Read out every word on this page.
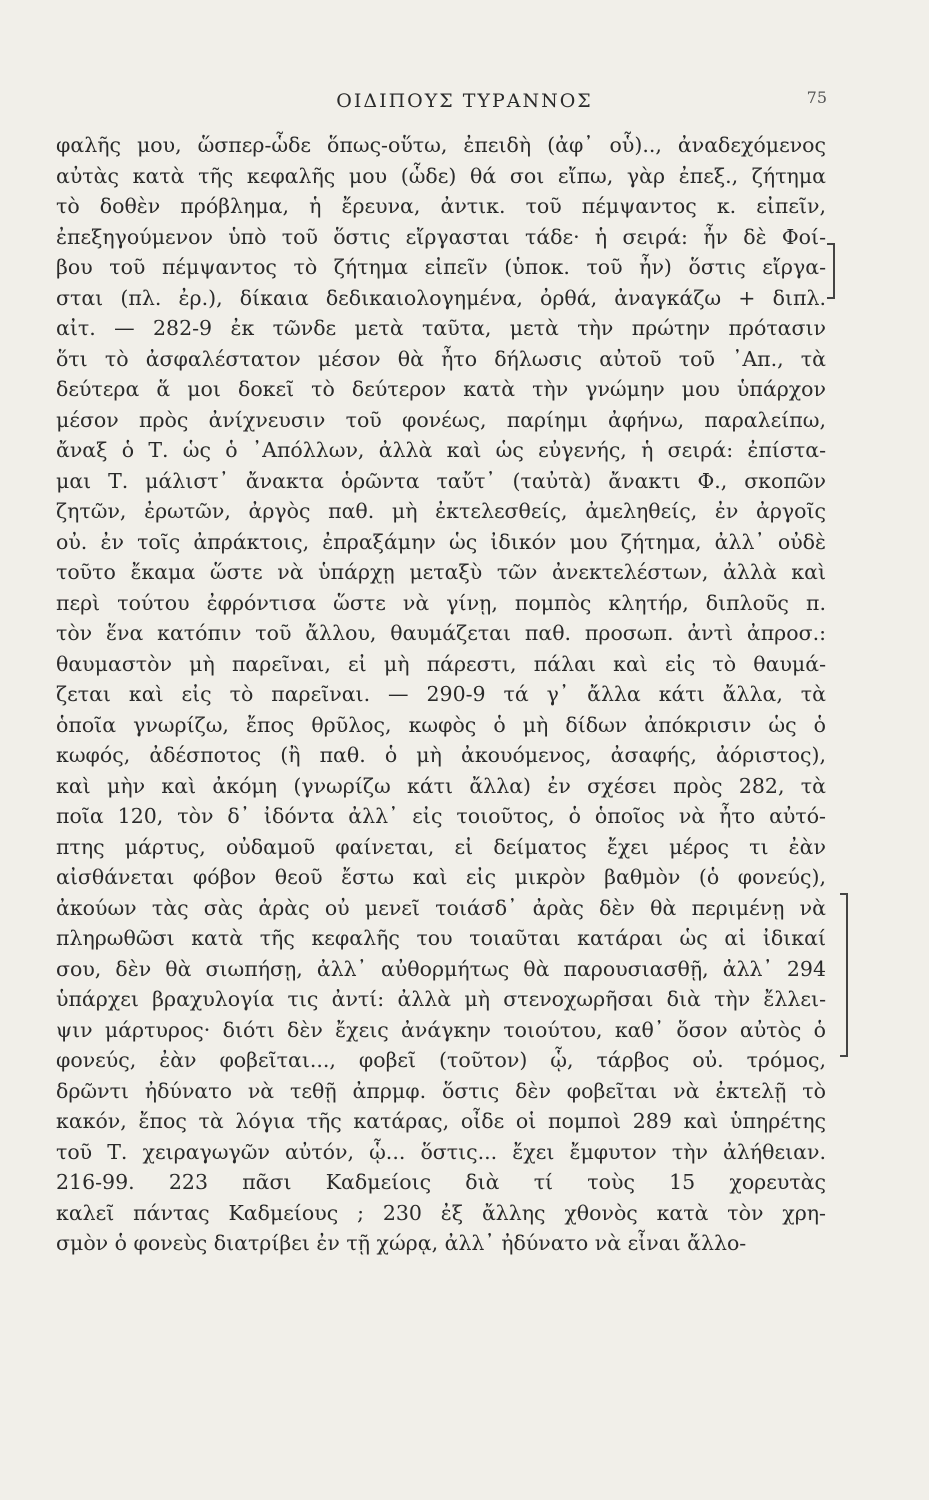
ΟΙΔΙΠΟΥΣ ΤΥΡΑΝΝΟΣ	75
φαλῆς μου, ὥσπερ-ὧδε ὅπως-οὕτω, ἐπειδὴ (ἀφ᾽ οὗ).., ἀναδεχόμενος
αὐτὰς κατὰ τῆς κεφαλῆς μου (ὧδε) θά σοι εἴπω, γὰρ ἐπεξ., ζήτημα
τὸ δοθὲν πρόβλημα, ἡ ἔρευνα, ἀντικ. τοῦ πέμψαντος κ. εἰπεῖν,
ἐπεξηγούμενον ὑπὸ τοῦ ὅστις εἴργασται τάδε· ἡ σειρά: ἦν δὲ Φοί-
βου τοῦ πέμψαντος τὸ ζήτημα εἰπεῖν (ὑποκ. τοῦ ἦν) ὅστις εἴργα-
σται (πλ. ἐρ.), δίκαια δεδικαιολογημένα, ὀρθά, ἀναγκάζω + διπλ.
αἰτ. — 282-9 ἐκ τῶνδε μετὰ ταῦτα, μετὰ τὴν πρώτην πρότασιν
ὅτι τὸ ἀσφαλέστατον μέσον θὰ ἦτο δήλωσις αὐτοῦ τοῦ ᾿Απ., τὰ
δεύτερα ἅ μοι δοκεῖ τὸ δεύτερον κατὰ τὴν γνώμην μου ὑπάρχον
μέσον πρὸς ἀνίχνευσιν τοῦ φονέως, παρίημι ἀφήνω, παραλείπω,
ἄναξ ὁ Τ. ὡς ὁ ᾿Απόλλων, ἀλλὰ καὶ ὡς εὐγενής, ἡ σειρά: ἐπίστα-
μαι Τ. μάλιστ᾽ ἄνακτα ὁρῶντα ταὔτ᾽ (ταὐτὰ) ἄνακτι Φ., σκοπῶν
ζητῶν, ἐρωτῶν, ἀργὸς παθ. μὴ ἐκτελεσθείς, ἀμεληθείς, ἐν ἀργοῖς
οὐ. ἐν τοῖς ἀπράκτοις, ἐπραξάμην ὡς ἰδικόν μου ζήτημα, ἀλλ᾽ οὐδὲ
τοῦτο ἔκαμα ὥστε νὰ ὑπάρχῃ μεταξὺ τῶν ἀνεκτελέστων, ἀλλὰ καὶ
περὶ τούτου ἐφρόντισα ὥστε νὰ γίνῃ, πομπὸς κλητήρ, διπλοῦς π.
τὸν ἕνα κατόπιν τοῦ ἄλλου, θαυμάζεται παθ. προσωπ. ἀντὶ ἀπροσ.:
θαυμαστὸν μὴ παρεῖναι, εἰ μὴ πάρεστι, πάλαι καὶ εἰς τὸ θαυμά-
ζεται καὶ εἰς τὸ παρεῖναι. — 290-9 τά γ᾽ ἄλλα κάτι ἄλλα, τὰ
ὁποῖα γνωρίζω, ἔπος θρῦλος, κωφὸς ὁ μὴ δίδων ἀπόκρισιν ὡς ὁ
κωφός, ἀδέσποτος (ἢ παθ. ὁ μὴ ἀκουόμενος, ἀσαφής, ἀόριστος),
καὶ μὴν καὶ ἀκόμη (γνωρίζω κάτι ἄλλα) ἐν σχέσει πρὸς 282, τὰ
ποῖα 120, τὸν δ᾽ ἰδόντα ἀλλ᾽ εἰς τοιοῦτος, ὁ ὁποῖος νὰ ἦτο αὐτό-
πτης μάρτυς, οὐδαμοῦ φαίνεται, εἰ δείματος ἔχει μέρος τι ἐὰν
αἰσθάνεται φόβον θεοῦ ἔστω καὶ εἰς μικρὸν βαθμὸν (ὁ φονεύς),
ἀκούων τὰς σὰς ἀρὰς οὐ μενεῖ τοιάσδ᾽ ἀρὰς δὲν θὰ περιμένῃ νὰ
πληρωθῶσι κατὰ τῆς κεφαλῆς του τοιαῦται κατάραι ὡς αἱ ἰδικαί
σου, δὲν θὰ σιωπήσῃ, ἀλλ᾽ αὐθορμήτως θὰ παρουσιασθῇ, ἀλλ᾽ 294
ὑπάρχει βραχυλογία τις ἀντί: ἀλλὰ μὴ στενοχωρῆσαι διὰ τὴν ἔλλει-
ψιν μάρτυρος· διότι δὲν ἔχεις ἀνάγκην τοιούτου, καθ᾽ ὅσον αὐτὸς ὁ
φονεύς, ἐὰν φοβεῖται..., φοβεῖ (τοῦτον) ᾧ, τάρβος οὐ. τρόμος,
δρῶντι ἠδύνατο νὰ τεθῇ ἀπρμφ. ὅστις δὲν φοβεῖται νὰ ἐκτελῇ τὸ
κακόν, ἔπος τὰ λόγια τῆς κατάρας, οἶδε οἱ πομποὶ 289 καὶ ὑπηρέτης
τοῦ Τ. χειραγωγῶν αὐτόν, ᾧ... ὅστις... ἔχει ἔμφυτον τὴν ἀλήθειαν.
216-99. 223 πᾶσι Καδμείοις διὰ τί τοὺς 15 χορευτὰς
καλεῖ πάντας Καδμείους ; 230 ἐξ ἄλλης χθονὸς κατὰ τὸν χρη-
σμὸν ὁ φονεὺς διατρίβει ἐν τῇ χώρᾳ, ἀλλ᾽ ἠδύνατο νὰ εἶναι ἄλλο-
